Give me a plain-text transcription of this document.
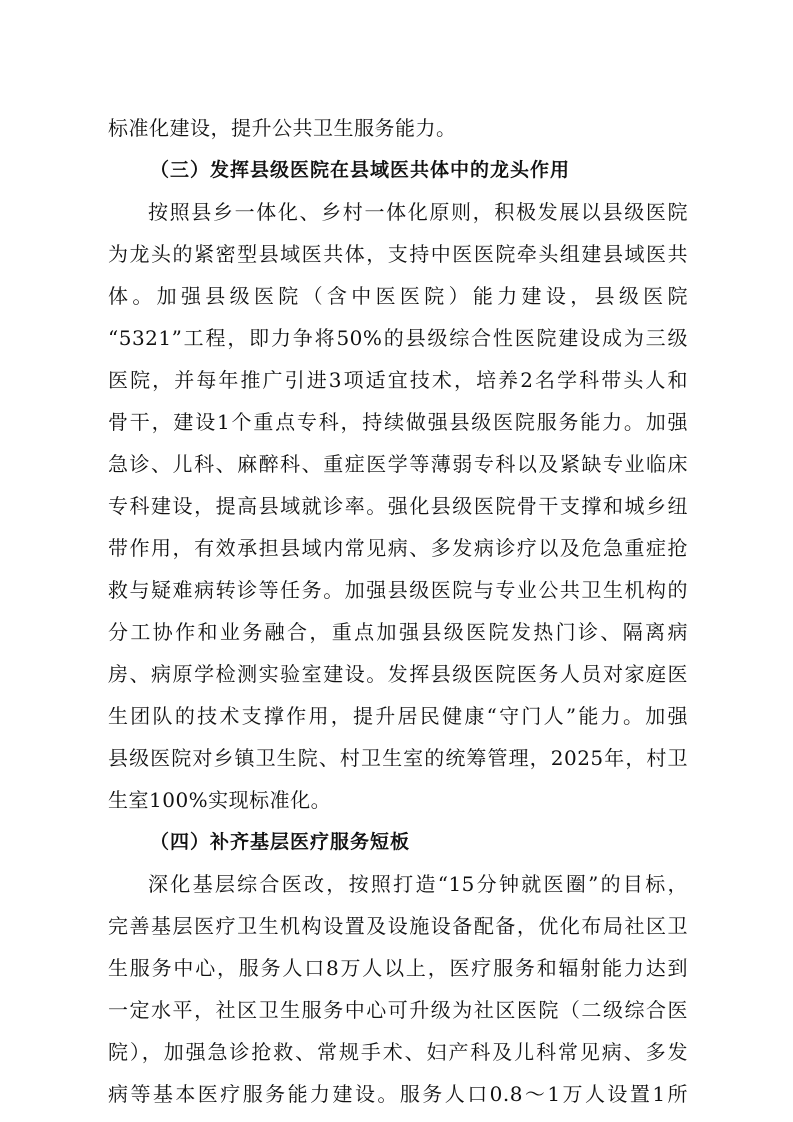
标准化建设，提升公共卫生服务能力。
（三）发挥县级医院在县域医共体中的龙头作用
按照县乡一体化、乡村一体化原则，积极发展以县级医院
为龙头的紧密型县域医共体，支持中医医院牵头组建县域医共
体。加强县级医院（含中医医院）能力建设，县级医院
“5321”工程，即力争将50%的县级综合性医院建设成为三级
医院，并每年推广引进3项适宜技术，培养2名学科带头人和
骨干，建设1个重点专科，持续做强县级医院服务能力。加强
急诊、儿科、麻醉科、重症医学等薄弱专科以及紧缺专业临床
专科建设，提高县域就诊率。强化县级医院骨干支撑和城乡纽
带作用，有效承担县域内常见病、多发病诊疗以及危急重症抢
救与疑难病转诊等任务。加强县级医院与专业公共卫生机构的
分工协作和业务融合，重点加强县级医院发热门诊、隔离病
房、病原学检测实验室建设。发挥县级医院医务人员对家庭医
生团队的技术支撑作用，提升居民健康“守门人”能力。加强
县级医院对乡镇卫生院、村卫生室的统筹管理，2025年，村卫
生室100%实现标准化。
（四）补齐基层医疗服务短板
深化基层综合医改，按照打造“15分钟就医圈”的目标，
完善基层医疗卫生机构设置及设施设备配备，优化布局社区卫
生服务中心，服务人口8万人以上，医疗服务和辐射能力达到
一定水平，社区卫生服务中心可升级为社区医院（二级综合医
院），加强急诊抢救、常规手术、妇产科及儿科常见病、多发
病等基本医疗服务能力建设。服务人口0.8～1万人设置1所
